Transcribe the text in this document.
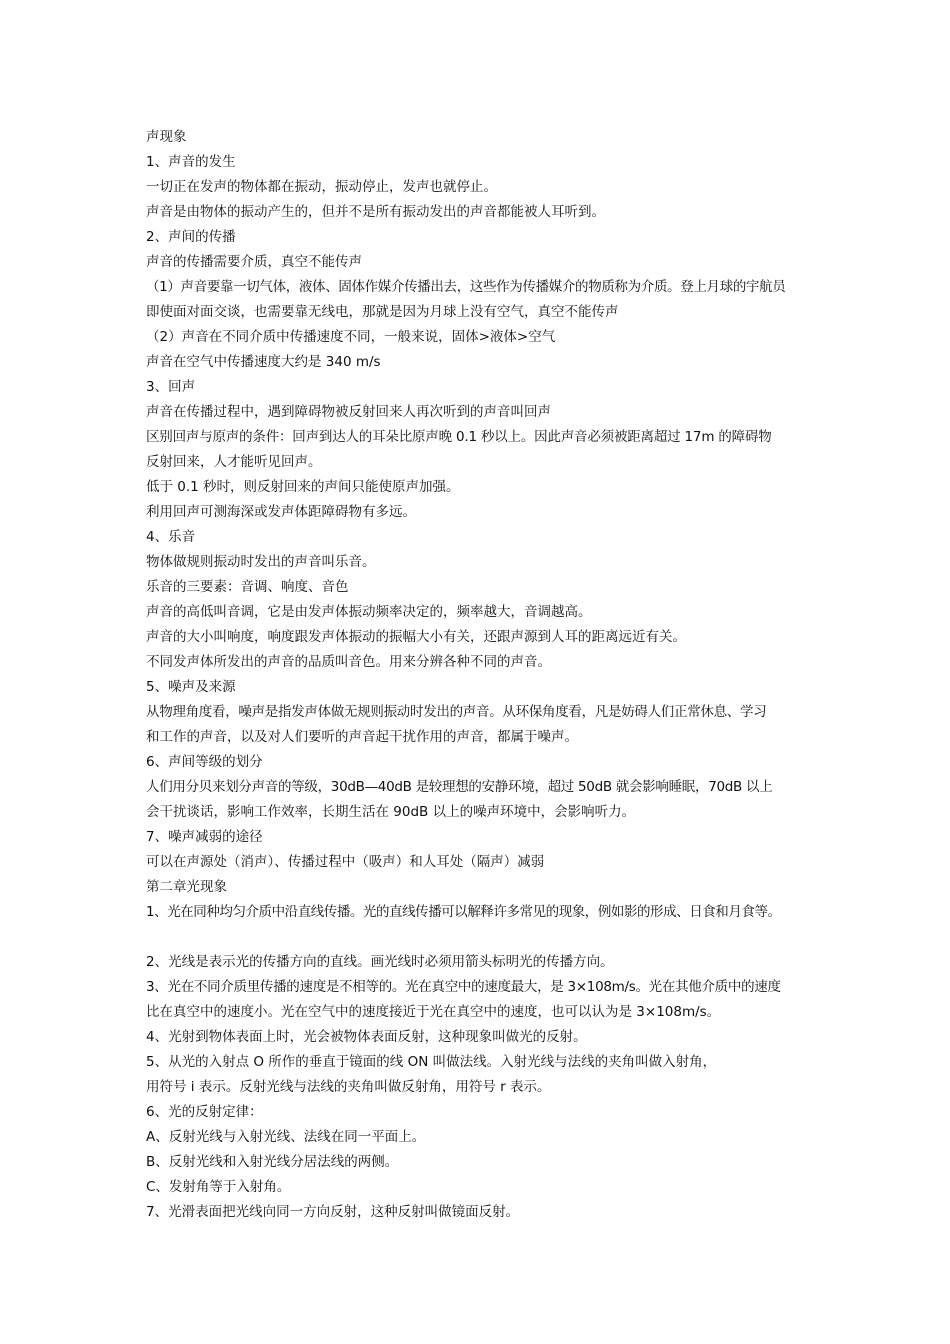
声现象
1、声音的发生
一切正在发声的物体都在振动，振动停止，发声也就停止。
声音是由物体的振动产生的，但并不是所有振动发出的声音都能被人耳听到。
2、声间的传播
声音的传播需要介质，真空不能传声
（1）声音要靠一切气体，液体、固体作媒介传播出去，这些作为传播媒介的物质称为介质。登上月球的宇航员
即使面对面交谈，也需要靠无线电，那就是因为月球上没有空气，真空不能传声
（2）声音在不同介质中传播速度不同，一般来说，固体>液体>空气
声音在空气中传播速度大约是 340 m/s
3、回声
声音在传播过程中，遇到障碍物被反射回来人再次听到的声音叫回声
区别回声与原声的条件：回声到达人的耳朵比原声晚 0.1 秒以上。因此声音必须被距离超过 17m 的障碍物
反射回来，人才能听见回声。
低于 0.1 秒时，则反射回来的声间只能使原声加强。
利用回声可测海深或发声体距障碍物有多远。
4、乐音
物体做规则振动时发出的声音叫乐音。
乐音的三要素：音调、响度、音色
声音的高低叫音调，它是由发声体振动频率决定的，频率越大，音调越高。
声音的大小叫响度，响度跟发声体振动的振幅大小有关，还跟声源到人耳的距离远近有关。
不同发声体所发出的声音的品质叫音色。用来分辨各种不同的声音。
5、噪声及来源
从物理角度看，噪声是指发声体做无规则振动时发出的声音。从环保角度看，凡是妨碍人们正常休息、学习
和工作的声音，以及对人们要听的声音起干扰作用的声音，都属于噪声。
6、声间等级的划分
人们用分贝来划分声音的等级，30dB—40dB 是较理想的安静环境，超过 50dB 就会影响睡眠，70dB 以上
会干扰谈话，影响工作效率，长期生活在 90dB 以上的噪声环境中，会影响听力。
7、噪声减弱的途径
可以在声源处（消声）、传播过程中（吸声）和人耳处（隔声）减弱
第二章光现象
1、光在同种均匀介质中沿直线传播。光的直线传播可以解释许多常见的现象，例如影的形成、日食和月食等。
2、光线是表示光的传播方向的直线。画光线时必须用箭头标明光的传播方向。
3、光在不同介质里传播的速度是不相等的。光在真空中的速度最大，是 3×108m/s。光在其他介质中的速度
比在真空中的速度小。光在空气中的速度接近于光在真空中的速度，也可以认为是 3×108m/s。
4、光射到物体表面上时，光会被物体表面反射，这种现象叫做光的反射。
5、从光的入射点 O 所作的垂直于镜面的线 ON 叫做法线。入射光线与法线的夹角叫做入射角，
用符号 i 表示。反射光线与法线的夹角叫做反射角，用符号 r 表示。
6、光的反射定律：
A、反射光线与入射光线、法线在同一平面上。
B、反射光线和入射光线分居法线的两侧。
C、发射角等于入射角。
7、光滑表面把光线向同一方向反射，这种反射叫做镜面反射。
